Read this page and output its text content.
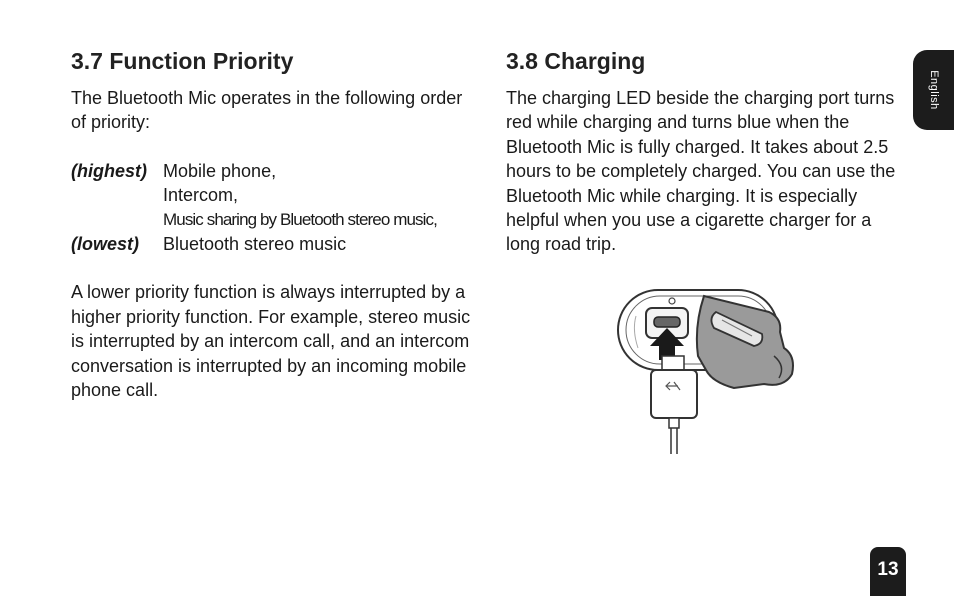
3.7 Function Priority

The Bluetooth Mic operates in the following order of priority:

(highest) Mobile phone,
Intercom,
Music sharing by Bluetooth stereo music,
(lowest)	Bluetooth stereo music

A lower priority function is always interrupted by a higher priority function. For example, stereo music is interrupted by an intercom call, and an intercom conversation is interrupted by an incoming mobile phone call.

3.8 Charging

The charging LED beside the charging port turns red while charging and turns blue when the Bluetooth Mic is fully charged. It takes about 2.5 hours to be completely charged. You can use the Bluetooth Mic while charging. It is especially helpful when you use a cigarette charger for a long road trip.

English
13
